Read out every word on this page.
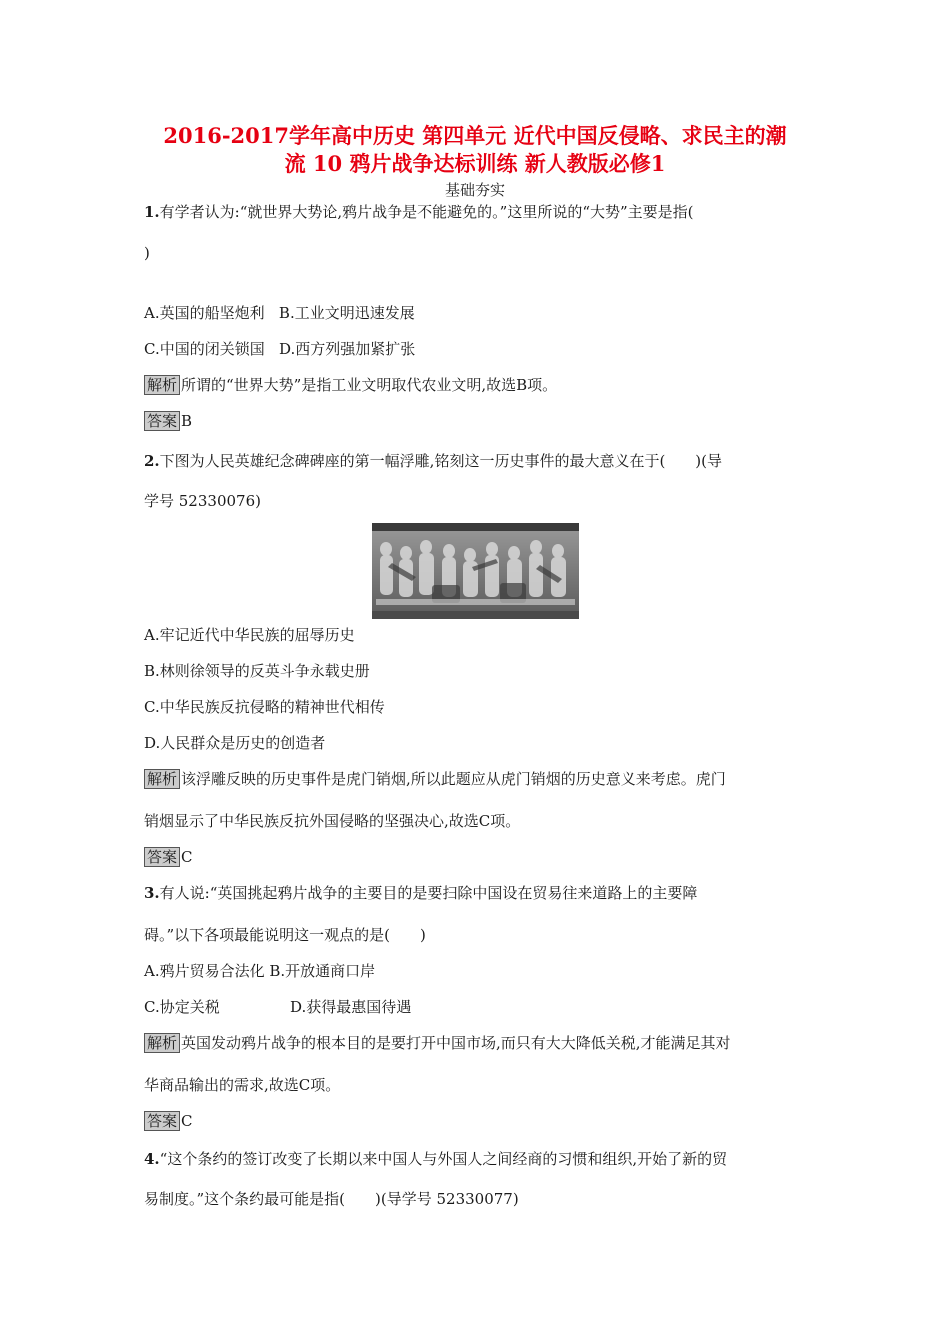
2016-2017学年高中历史 第四单元 近代中国反侵略、求民主的潮
流 10 鸦片战争达标训练 新人教版必修1
基础夯实
1.有学者认为:“就世界大势论,鸦片战争是不能避免的。”这里所说的“大势”主要是指(
)
A.英国的船坚炮利 B.工业文明迅速发展
C.中国的闭关锁国 D.西方列强加紧扩张
解析 所谓的“世界大势”是指工业文明取代农业文明,故选B项。
答案 B
2.下图为人民英雄纪念碑碑座的第一幅浮雕,铭刻这一历史事件的最大意义在于(　　)(导
学号 52330076)
A.牢记近代中华民族的屈辱历史
B.林则徐领导的反英斗争永载史册
C.中华民族反抗侵略的精神世代相传
D.人民群众是历史的创造者
解析 该浮雕反映的历史事件是虎门销烟,所以此题应从虎门销烟的历史意义来考虑。虎门
销烟显示了中华民族反抗外国侵略的坚强决心,故选C项。
答案 C
3.有人说:“英国挑起鸦片战争的主要目的是要扫除中国设在贸易往来道路上的主要障
碍。”以下各项最能说明这一观点的是(　　)
A.鸦片贸易合法化 B.开放通商口岸
C.协定关税	D.获得最惠国待遇
解析 英国发动鸦片战争的根本目的是要打开中国市场,而只有大大降低关税,才能满足其对
华商品输出的需求,故选C项。
答案 C
4.“这个条约的签订改变了长期以来中国人与外国人之间经商的习惯和组织,开始了新的贸
易制度。”这个条约最可能是指(　　)(导学号 52330077)
